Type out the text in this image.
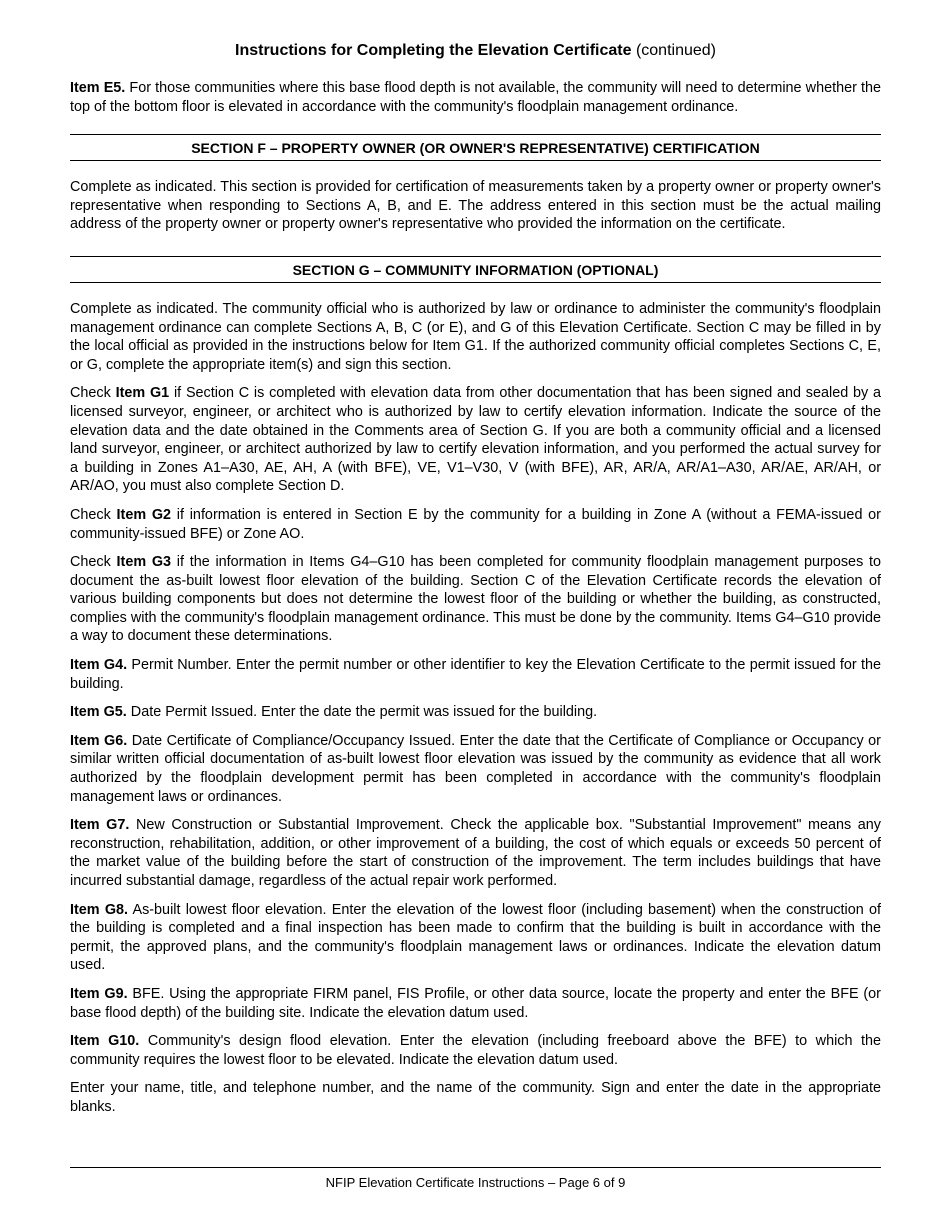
Instructions for Completing the Elevation Certificate (continued)

Item E5. For those communities where this base flood depth is not available, the community will need to determine whether the top of the bottom floor is elevated in accordance with the community's floodplain management ordinance.

SECTION F – PROPERTY OWNER (OR OWNER'S REPRESENTATIVE) CERTIFICATION

Complete as indicated. This section is provided for certification of measurements taken by a property owner or property owner's representative when responding to Sections A, B, and E. The address entered in this section must be the actual mailing address of the property owner or property owner's representative who provided the information on the certificate.

SECTION G – COMMUNITY INFORMATION (OPTIONAL)

Complete as indicated. The community official who is authorized by law or ordinance to administer the community's floodplain management ordinance can complete Sections A, B, C (or E), and G of this Elevation Certificate. Section C may be filled in by the local official as provided in the instructions below for Item G1. If the authorized community official completes Sections C, E, or G, complete the appropriate item(s) and sign this section.

Check Item G1 if Section C is completed with elevation data from other documentation that has been signed and sealed by a licensed surveyor, engineer, or architect who is authorized by law to certify elevation information. Indicate the source of the elevation data and the date obtained in the Comments area of Section G. If you are both a community official and a licensed land surveyor, engineer, or architect authorized by law to certify elevation information, and you performed the actual survey for a building in Zones A1–A30, AE, AH, A (with BFE), VE, V1–V30, V (with BFE), AR, AR/A, AR/A1–A30, AR/AE, AR/AH, or AR/AO, you must also complete Section D.

Check Item G2 if information is entered in Section E by the community for a building in Zone A (without a FEMA-issued or community-issued BFE) or Zone AO.

Check Item G3 if the information in Items G4–G10 has been completed for community floodplain management purposes to document the as-built lowest floor elevation of the building. Section C of the Elevation Certificate records the elevation of various building components but does not determine the lowest floor of the building or whether the building, as constructed, complies with the community's floodplain management ordinance. This must be done by the community. Items G4–G10 provide a way to document these determinations.

Item G4. Permit Number. Enter the permit number or other identifier to key the Elevation Certificate to the permit issued for the building.

Item G5. Date Permit Issued. Enter the date the permit was issued for the building.

Item G6. Date Certificate of Compliance/Occupancy Issued. Enter the date that the Certificate of Compliance or Occupancy or similar written official documentation of as-built lowest floor elevation was issued by the community as evidence that all work authorized by the floodplain development permit has been completed in accordance with the community's floodplain management laws or ordinances.

Item G7. New Construction or Substantial Improvement. Check the applicable box. "Substantial Improvement" means any reconstruction, rehabilitation, addition, or other improvement of a building, the cost of which equals or exceeds 50 percent of the market value of the building before the start of construction of the improvement. The term includes buildings that have incurred substantial damage, regardless of the actual repair work performed.

Item G8. As-built lowest floor elevation. Enter the elevation of the lowest floor (including basement) when the construction of the building is completed and a final inspection has been made to confirm that the building is built in accordance with the permit, the approved plans, and the community's floodplain management laws or ordinances. Indicate the elevation datum used.

Item G9. BFE. Using the appropriate FIRM panel, FIS Profile, or other data source, locate the property and enter the BFE (or base flood depth) of the building site. Indicate the elevation datum used.

Item G10. Community's design flood elevation. Enter the elevation (including freeboard above the BFE) to which the community requires the lowest floor to be elevated. Indicate the elevation datum used.

Enter your name, title, and telephone number, and the name of the community. Sign and enter the date in the appropriate blanks.

NFIP Elevation Certificate Instructions – Page 6 of 9
